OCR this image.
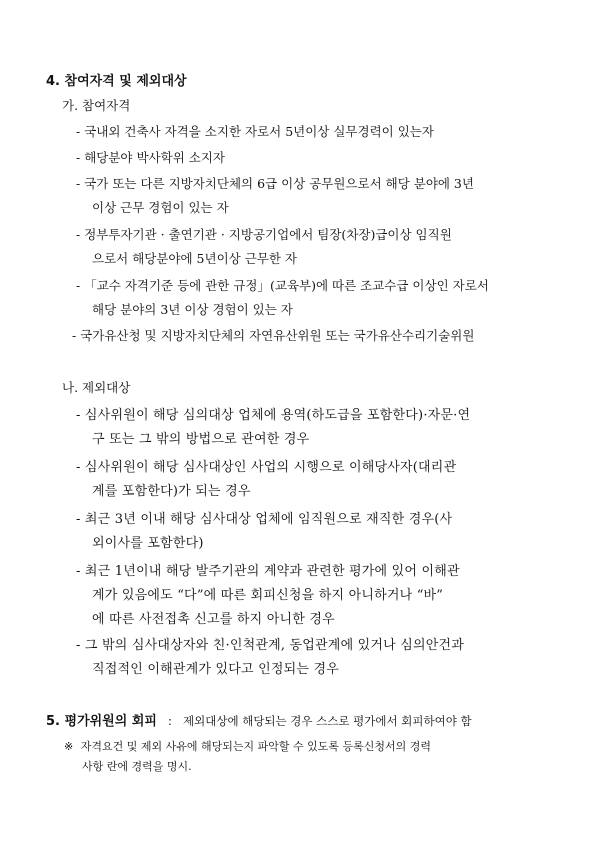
4. 참여자격 및 제외대상
가. 참여자격
- 국내외 건축사 자격을 소지한 자로서 5년이상 실무경력이 있는자
- 해당분야 박사학위 소지자
- 국가 또는 다른 지방자치단체의 6급 이상 공무원으로서 해당 분야에 3년
이상 근무 경험이 있는 자
- 정부투자기관 · 출연기관 · 지방공기업에서 팀장(차장)급이상 임직원
으로서 해당분야에 5년이상 근무한 자
- 「교수 자격기준 등에 관한 규정」(교육부)에 따른 조교수급 이상인 자로서
해당 분야의 3년 이상 경험이 있는 자
- 국가유산청 및 지방자치단체의 자연유산위원 또는 국가유산수리기술위원
나. 제외대상
- 심사위원이 해당 심의대상 업체에 용역(하도급을 포함한다)·자문·연
구 또는 그 밖의 방법으로 관여한 경우
- 심사위원이 해당 심사대상인 사업의 시행으로 이해당사자(대리관
계를 포함한다)가 되는 경우
- 최근 3년 이내 해당 심사대상 업체에 임직원으로 재직한 경우(사
외이사를 포함한다)
- 최근 1년이내 해당 발주기관의 계약과 관련한 평가에 있어 이해관
계가 있음에도 “다”에 따른 회피신청을 하지 아니하거나 “바”
에 따른 사전접촉 신고를 하지 아니한 경우
- 그 밖의 심사대상자와 친·인척관계, 동업관계에 있거나 심의안건과
직접적인 이해관계가 있다고 인정되는 경우
5. 평가위원의 회피 : 제외대상에 해당되는 경우 스스로 평가에서 회피하여야 함
※ 자격요건 및 제외 사유에 해당되는지 파악할 수 있도록 등록신청서의 경력
사항 란에 경력을 명시.
